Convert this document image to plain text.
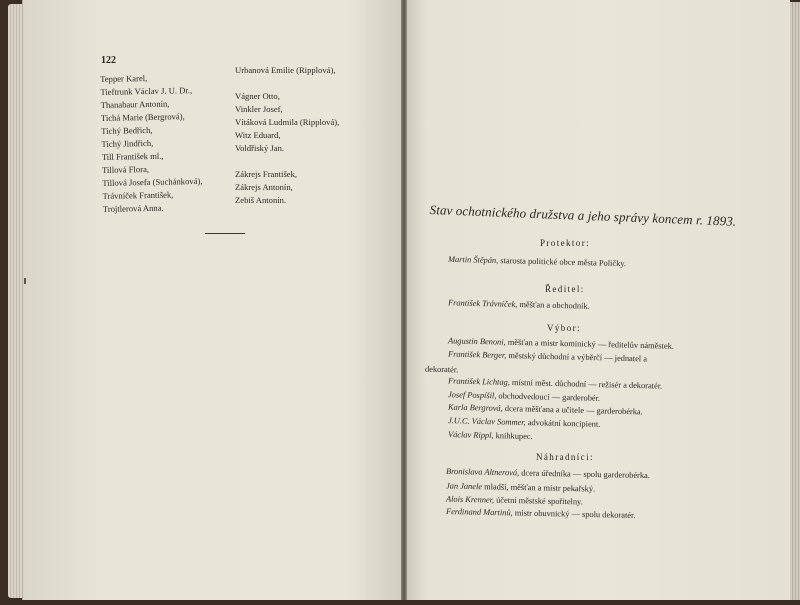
122
Tepper Karel,
Tieftrunk Václav J. U. Dr.,
Thanabaur Antonín,
Tichá Marie (Bergrová),
Tichý Bedřich,
Tichý Jindřich,
Till František ml.,
Tillová Flora,
Tillová Josefa (Suchánková),
Trávníček František,
Trojtlerová Anna.
Urbanová Emilie (Ripplová),
Vágner Otto,
Vinkler Josef,
Vítáková Ludmila (Ripplová),
Witz Eduard,
Voldřiský Jan.
Zákrejs František,
Zákrejs Antonín,
Zebiš Antonín.
Stav ochotnického družstva a jeho správy koncem r. 1893.
Protektor:
Martin Štěpán, starosta politické obce města Poličky.
Ředitel:
František Trávníček, měšťan a obchodník.
Výbor:
Augustin Benoni, měšťan a mistr kominický — ředitelův náměstek.
František Berger, městský důchodní a výběrčí — jednatel a
dekoratér.
František Lichtag, místní měst. důchodní — režisér a dekoratér.
Josef Pospíšil, obchodvedoucí — garderobér.
Karla Bergrová, dcera měšťana a učitele — garderobérka.
J.U.C. Václav Sommer, advokátní koncipient.
Václav Rippl, knihkupec.
Náhradníci:
Bronislava Altnerová, dcera úředníka — spolu garderobérka.
Jan Janele mladší, měšťan a mistr pekařský.
Alois Krenner, účetní městské spořitelny.
Ferdinand Martinů, mistr obuvnický — spolu dekoratér.
